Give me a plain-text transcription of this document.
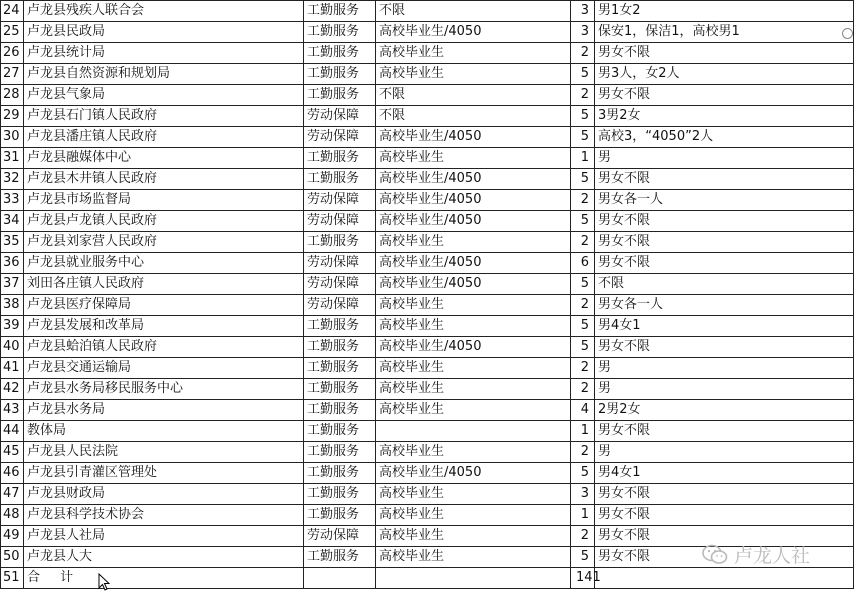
24	卢龙县残疾人联合会	工勤服务	不限	3	男1女2
25	卢龙县民政局	工勤服务	高校毕业生/4050	3	保安1，保洁1，高校男1
26	卢龙县统计局	工勤服务	高校毕业生	2	男女不限
27	卢龙县自然资源和规划局	工勤服务	高校毕业生	5	男3人，女2人
28	卢龙县气象局	工勤服务	不限	2	男女不限
29	卢龙县石门镇人民政府	劳动保障	不限	5	3男2女
30	卢龙县潘庄镇人民政府	劳动保障	高校毕业生/4050	5	高校3，“4050”2人
31	卢龙县融媒体中心	工勤服务	高校毕业生	1	男
32	卢龙县木井镇人民政府	工勤服务	高校毕业生/4050	5	男女不限
33	卢龙县市场监督局	劳动保障	高校毕业生/4050	2	男女各一人
34	卢龙县卢龙镇人民政府	劳动保障	高校毕业生/4050	5	男女不限
35	卢龙县刘家营人民政府	工勤服务	高校毕业生	2	男女不限
36	卢龙县就业服务中心	劳动保障	高校毕业生/4050	6	男女不限
37	刘田各庄镇人民政府	劳动保障	高校毕业生/4050	5	不限
38	卢龙县医疗保障局	劳动保障	高校毕业生	2	男女各一人
39	卢龙县发展和改革局	工勤服务	高校毕业生	5	男4女1
40	卢龙县蛤泊镇人民政府	工勤服务	高校毕业生/4050	5	男女不限
41	卢龙县交通运输局	工勤服务	高校毕业生	2	男
42	卢龙县水务局移民服务中心	工勤服务	高校毕业生	2	男
43	卢龙县水务局	工勤服务	高校毕业生	4	2男2女
44	教体局	工勤服务		1	男女不限
45	卢龙县人民法院	工勤服务	高校毕业生	2	男
46	卢龙县引青灌区管理处	工勤服务	高校毕业生/4050	5	男4女1
47	卢龙县财政局	工勤服务	高校毕业生	3	男女不限
48	卢龙县科学技术协会	工勤服务	高校毕业生	1	男女不限
49	卢龙县人社局	劳动保障	高校毕业生	2	男女不限
50	卢龙县人大	工勤服务	高校毕业生	5	男女不限
51	合 计			141	
卢龙人社
